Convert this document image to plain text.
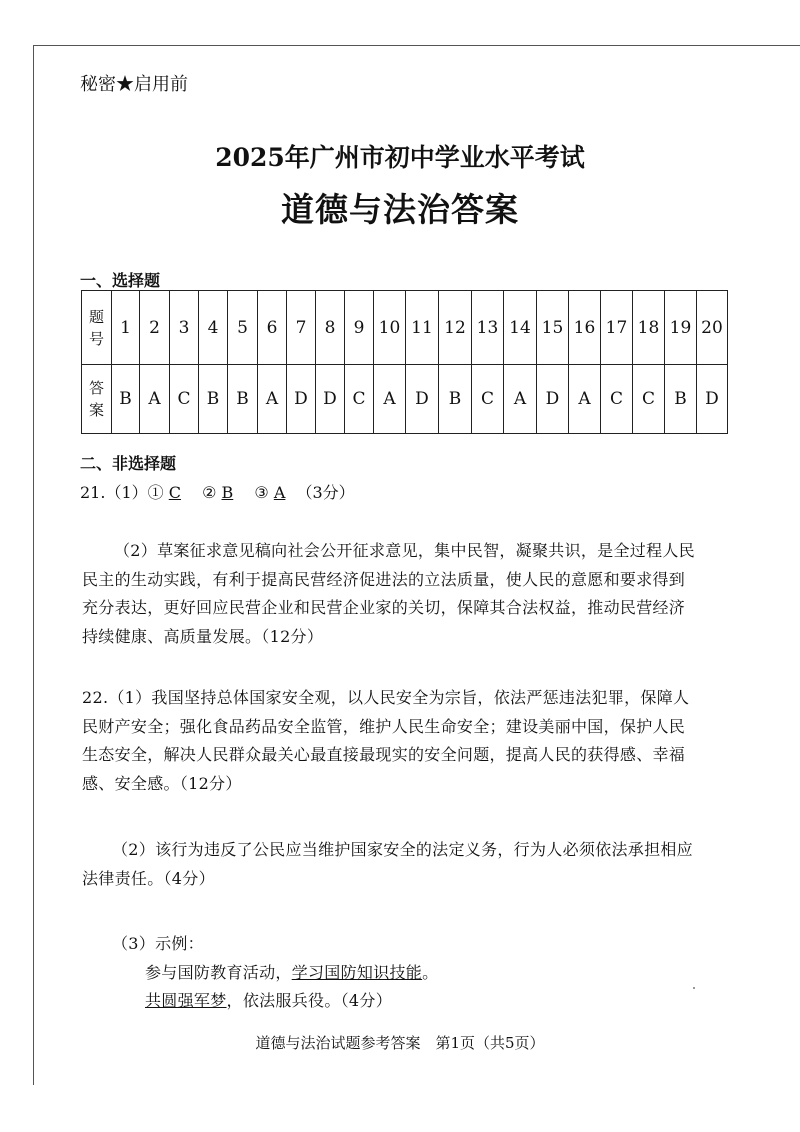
秘密★启用前
2025年广州市初中学业水平考试
道德与法治答案
一、选择题
题
号	1	2	3	4	5	6	7	8	9	10	11	12	13	14	15	16	17	18	19	20
答
案	B	A	C	B	B	A	D	D	C	A	D	B	C	A	D	A	C	C	B	D
二、非选择题
21.（1）① C ② B ③ A （3分）
（2）草案征求意见稿向社会公开征求意见，集中民智，凝聚共识，是全过程人民
民主的生动实践，有利于提高民营经济促进法的立法质量，使人民的意愿和要求得到
充分表达，更好回应民营企业和民营企业家的关切，保障其合法权益，推动民营经济
持续健康、高质量发展。（12分）
22.（1）我国坚持总体国家安全观，以人民安全为宗旨，依法严惩违法犯罪，保障人
民财产安全；强化食品药品安全监管，维护人民生命安全；建设美丽中国，保护人民
生态安全，解决人民群众最关心最直接最现实的安全问题，提高人民的获得感、幸福
感、安全感。（12分）
（2）该行为违反了公民应当维护国家安全的法定义务，行为人必须依法承担相应
法律责任。（4分）
（3）示例：
参与国防教育活动，学习国防知识技能。
共圆强军梦，依法服兵役。（4分）
道德与法治试题参考答案　第1页（共5页）
